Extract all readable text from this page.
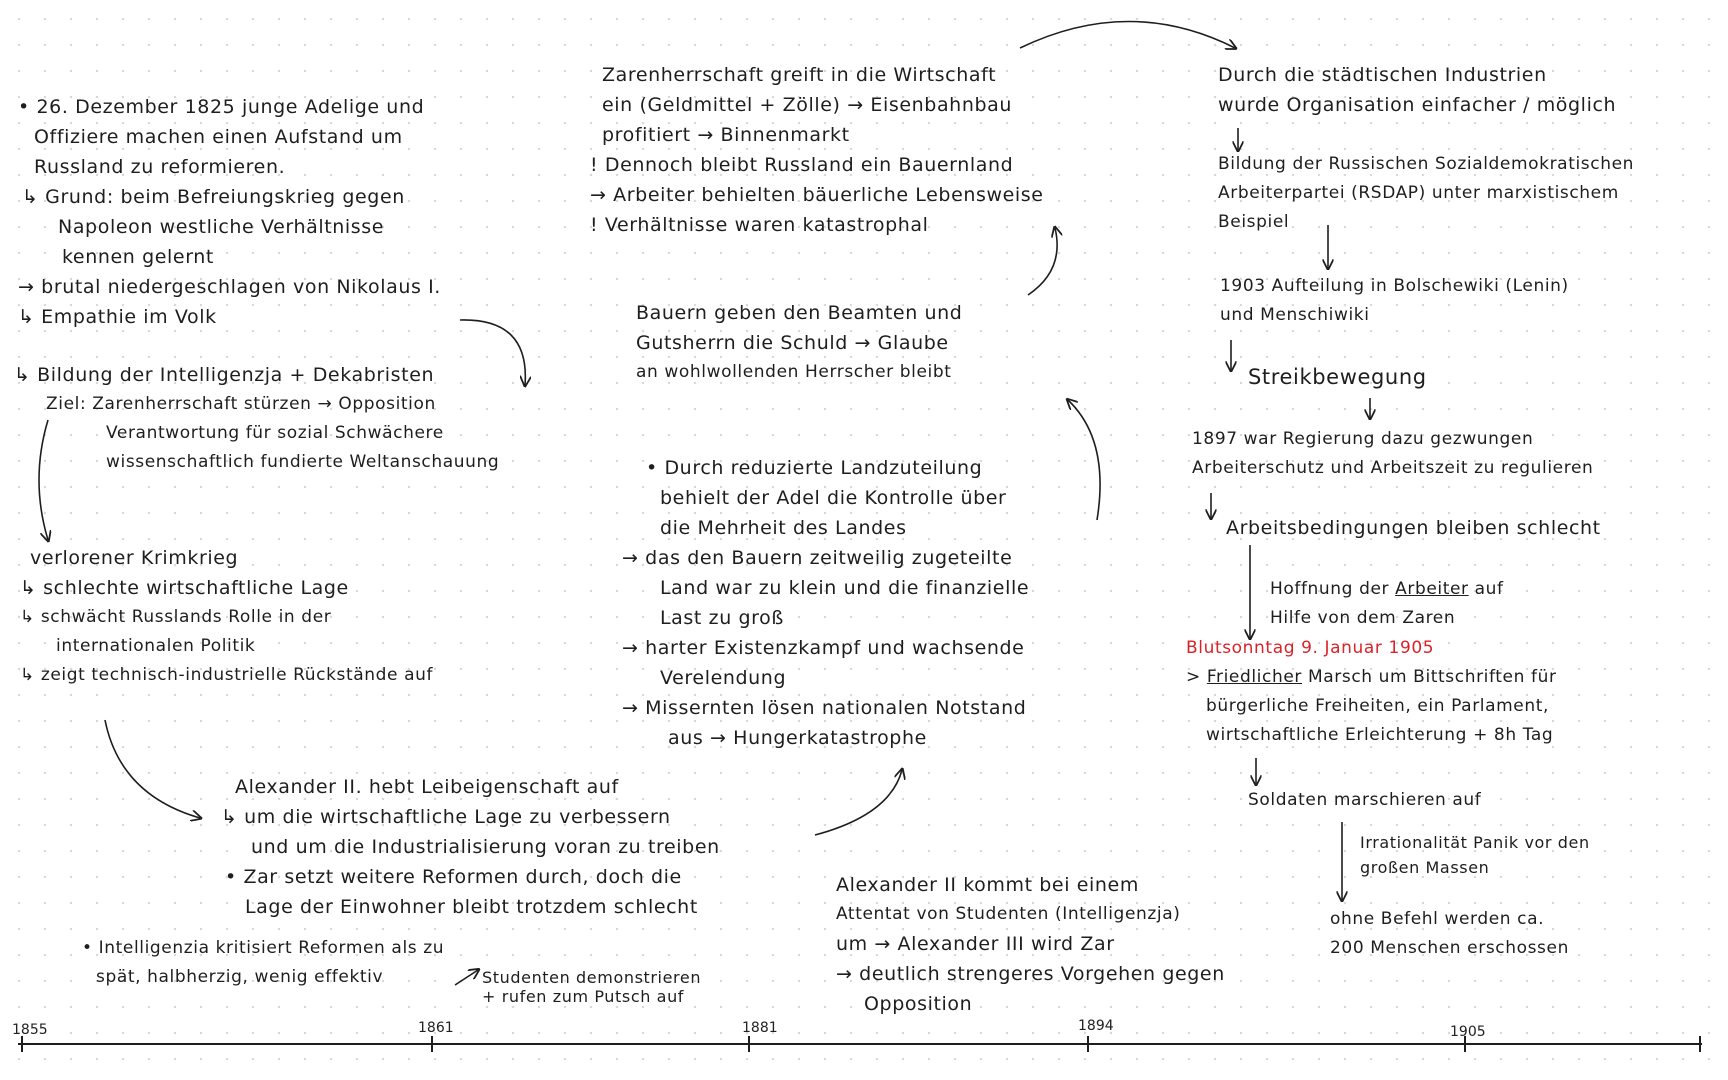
• 26. Dezember 1825 junge Adelige und
Offiziere machen einen Aufstand um
Russland zu reformieren.
↳ Grund: beim Befreiungskrieg gegen
Napoleon westliche Verhältnisse
kennen gelernt
→ brutal niedergeschlagen von Nikolaus I.
↳ Empathie im Volk
↳ Bildung der Intelligenzja + Dekabristen
Ziel: Zarenherrschaft stürzen → Opposition
Verantwortung für sozial Schwächere
wissenschaftlich fundierte Weltanschauung
verlorener Krimkrieg
↳ schlechte wirtschaftliche Lage
↳ schwächt Russlands Rolle in der
internationalen Politik
↳ zeigt technisch-industrielle Rückstände auf
Alexander II. hebt Leibeigenschaft auf
↳ um die wirtschaftliche Lage zu verbessern
und um die Industrialisierung voran zu treiben
• Zar setzt weitere Reformen durch, doch die
Lage der Einwohner bleibt trotzdem schlecht
• Intelligenzia kritisiert Reformen als zu
spät, halbherzig, wenig effektiv	Studenten demonstrieren
+ rufen zum Putsch auf
Zarenherrschaft greift in die Wirtschaft
ein (Geldmittel + Zölle) → Eisenbahnbau
profitiert → Binnenmarkt
! Dennoch bleibt Russland ein Bauernland
→ Arbeiter behielten bäuerliche Lebensweise
! Verhältnisse waren katastrophal
Bauern geben den Beamten und
Gutsherrn die Schuld → Glaube
an wohlwollenden Herrscher bleibt
• Durch reduzierte Landzuteilung
behielt der Adel die Kontrolle über
die Mehrheit des Landes
→ das den Bauern zeitweilig zugeteilte
Land war zu klein und die finanzielle
Last zu groß
→ harter Existenzkampf und wachsende
Verelendung
→ Missernten lösen nationalen Notstand
aus → Hungerkatastrophe
Alexander II kommt bei einem
Attentat von Studenten (Intelligenzja)
um → Alexander III wird Zar
→ deutlich strengeres Vorgehen gegen
Opposition
Durch die städtischen Industrien
wurde Organisation einfacher / möglich
Bildung der Russischen Sozialdemokratischen
Arbeiterpartei (RSDAP) unter marxistischem
Beispiel
1903 Aufteilung in Bolschewiki (Lenin)
und Menschiwiki
Streikbewegung
1897 war Regierung dazu gezwungen
Arbeiterschutz und Arbeitszeit zu regulieren
Arbeitsbedingungen bleiben schlecht
Hoffnung der Arbeiter auf
Hilfe von dem Zaren
Blutsonntag 9. Januar 1905
> Friedlicher Marsch um Bittschriften für
bürgerliche Freiheiten, ein Parlament,
wirtschaftliche Erleichterung + 8h Tag
Soldaten marschieren auf
Irrationalität Panik vor den
großen Massen
ohne Befehl werden ca.
200 Menschen erschossen
1855	1861	1881	1894	1905
